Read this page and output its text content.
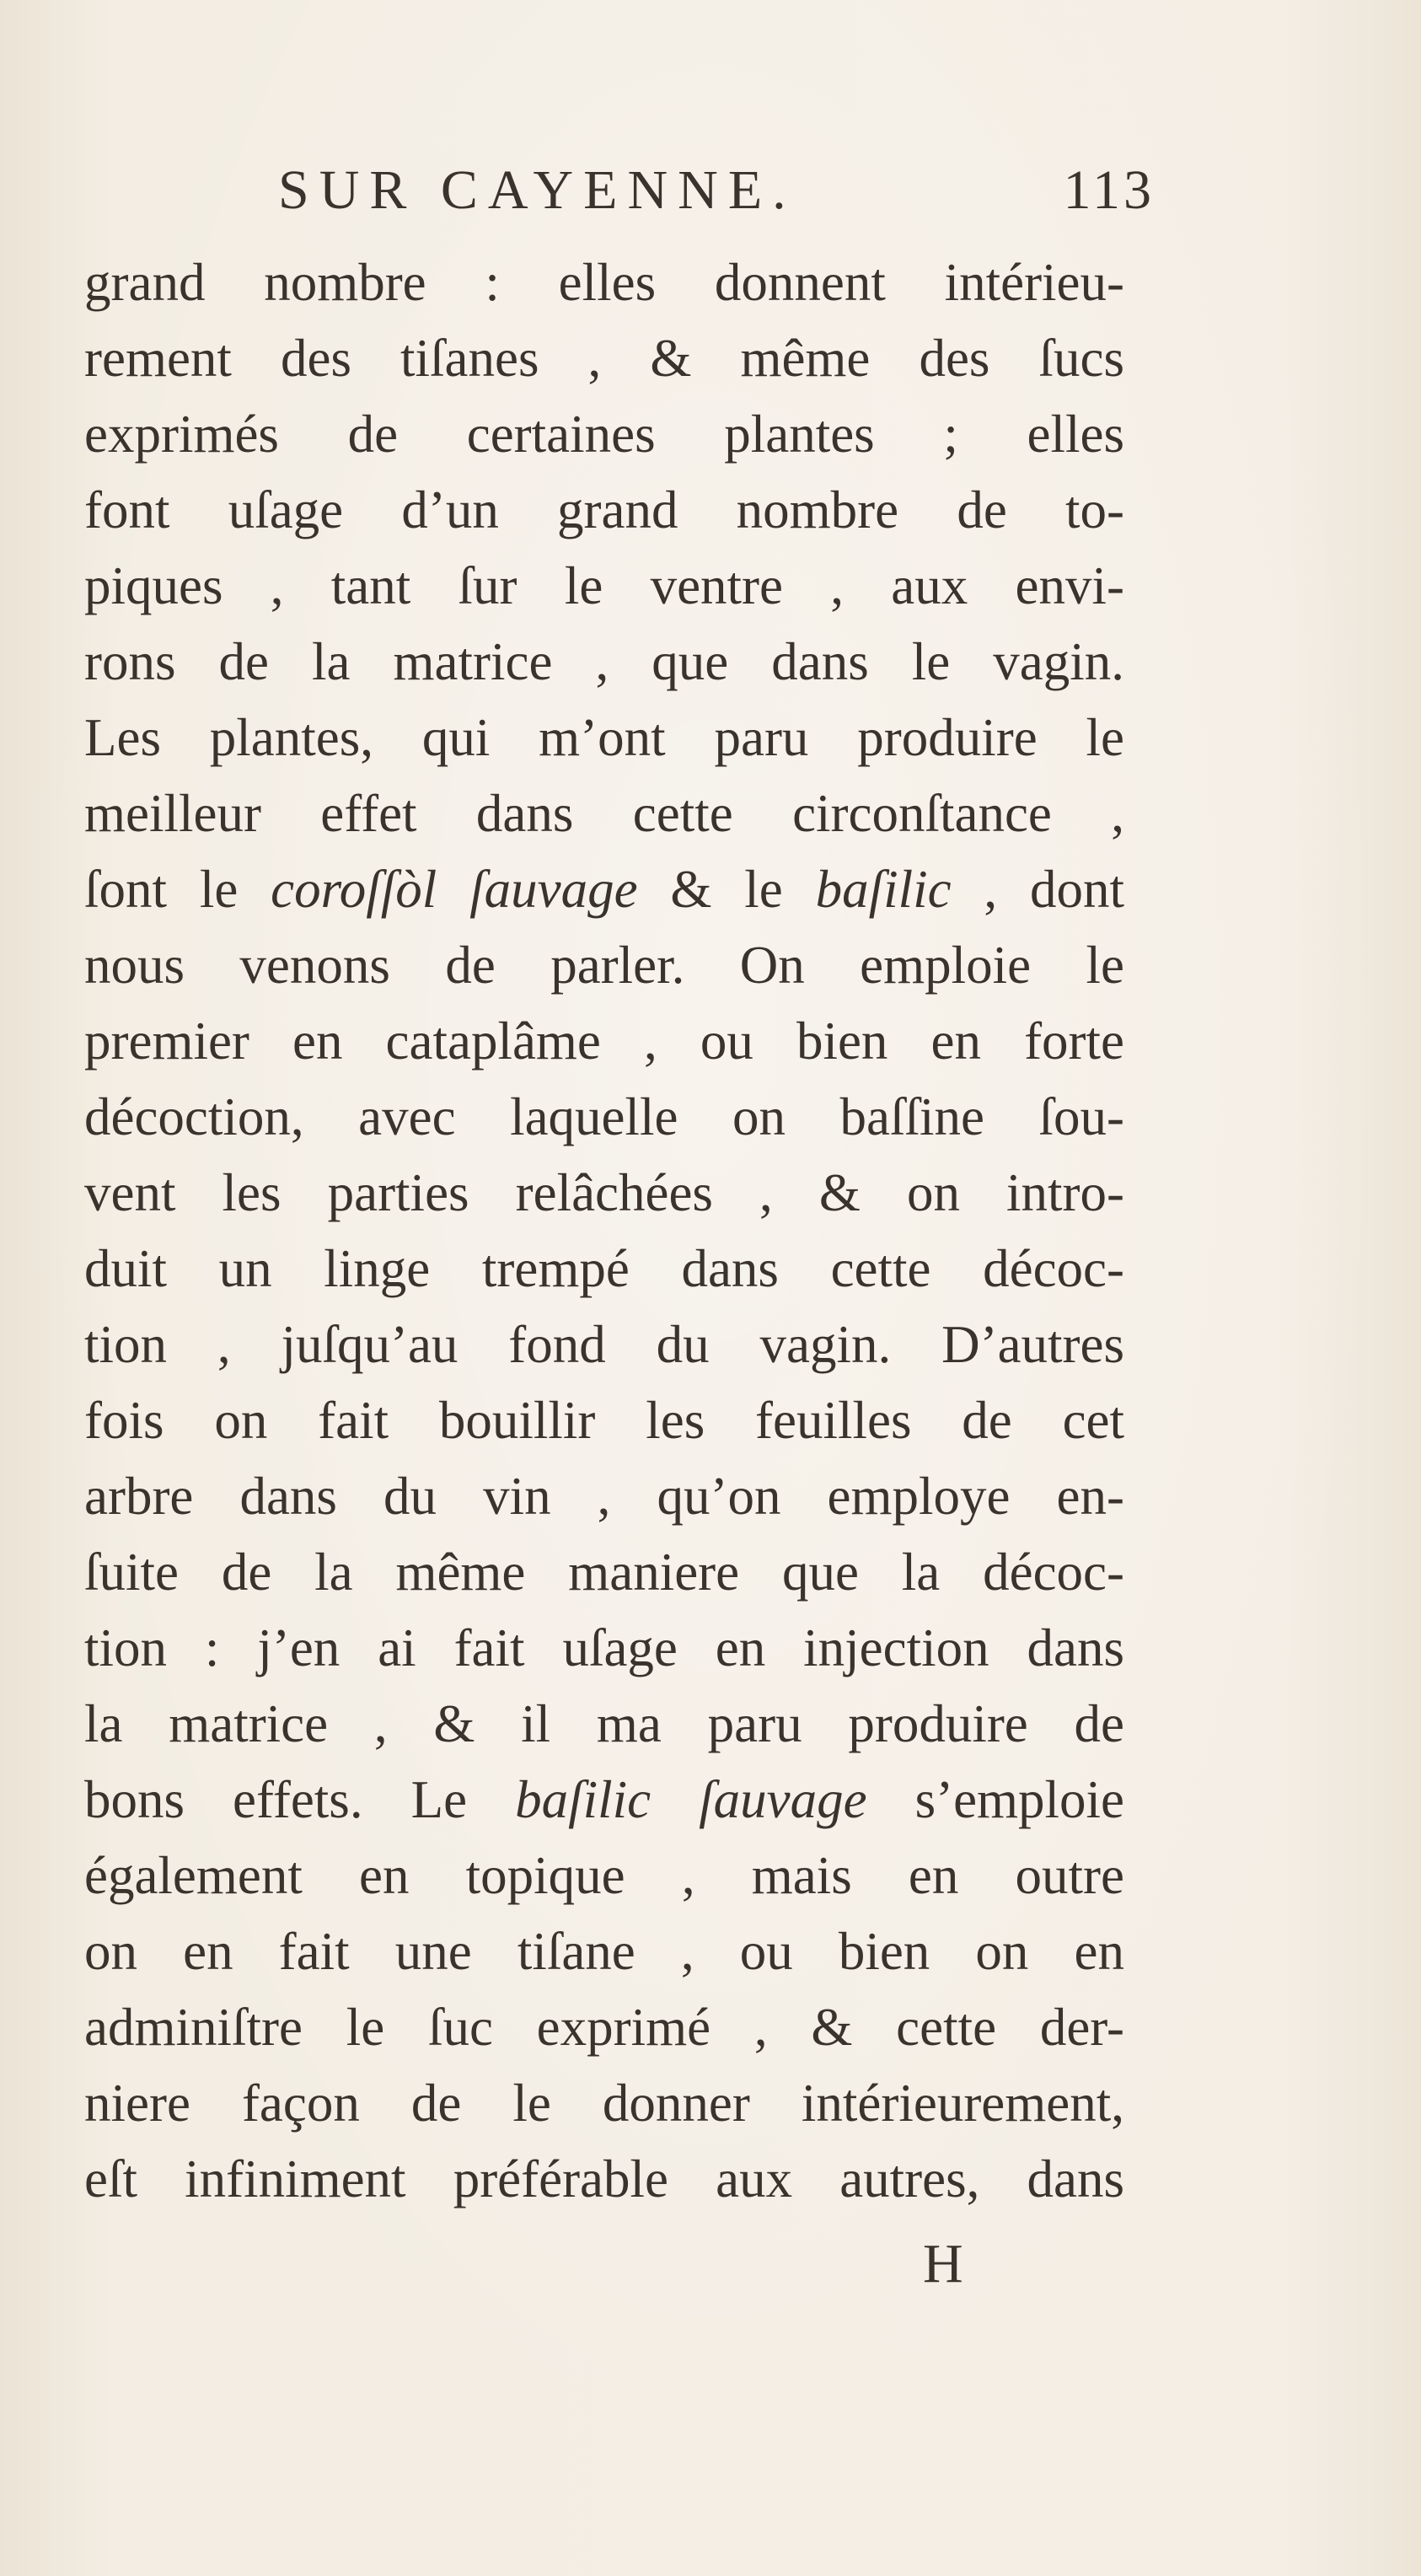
SUR CAYENNE.	113
grand nombre : elles donnent intérieu-
rement des tiſanes , & même des ſucs
exprimés de certaines plantes ; elles
font uſage d’un grand nombre de to-
piques , tant ſur le ventre , aux envi-
rons de la matrice , que dans le vagin.
Les plantes, qui m’ont paru produire le
meilleur effet dans cette circonſtance ,
ſont le coroſſòl ſauvage & le baſilic , dont
nous venons de parler. On emploie le
premier en cataplâme , ou bien en forte
décoction, avec laquelle on baſſine ſou-
vent les parties relâchées , & on intro-
duit un linge trempé dans cette décoc-
tion , juſqu’au fond du vagin. D’autres
fois on fait bouillir les feuilles de cet
arbre dans du vin , qu’on employe en-
ſuite de la même maniere que la décoc-
tion : j’en ai fait uſage en injection dans
la matrice , & il ma paru produire de
bons effets. Le baſilic ſauvage s’emploie
également en topique , mais en outre
on en fait une tiſane , ou bien on en
adminiſtre le ſuc exprimé , & cette der-
niere façon de le donner intérieurement,
eſt infiniment préférable aux autres, dans
H
